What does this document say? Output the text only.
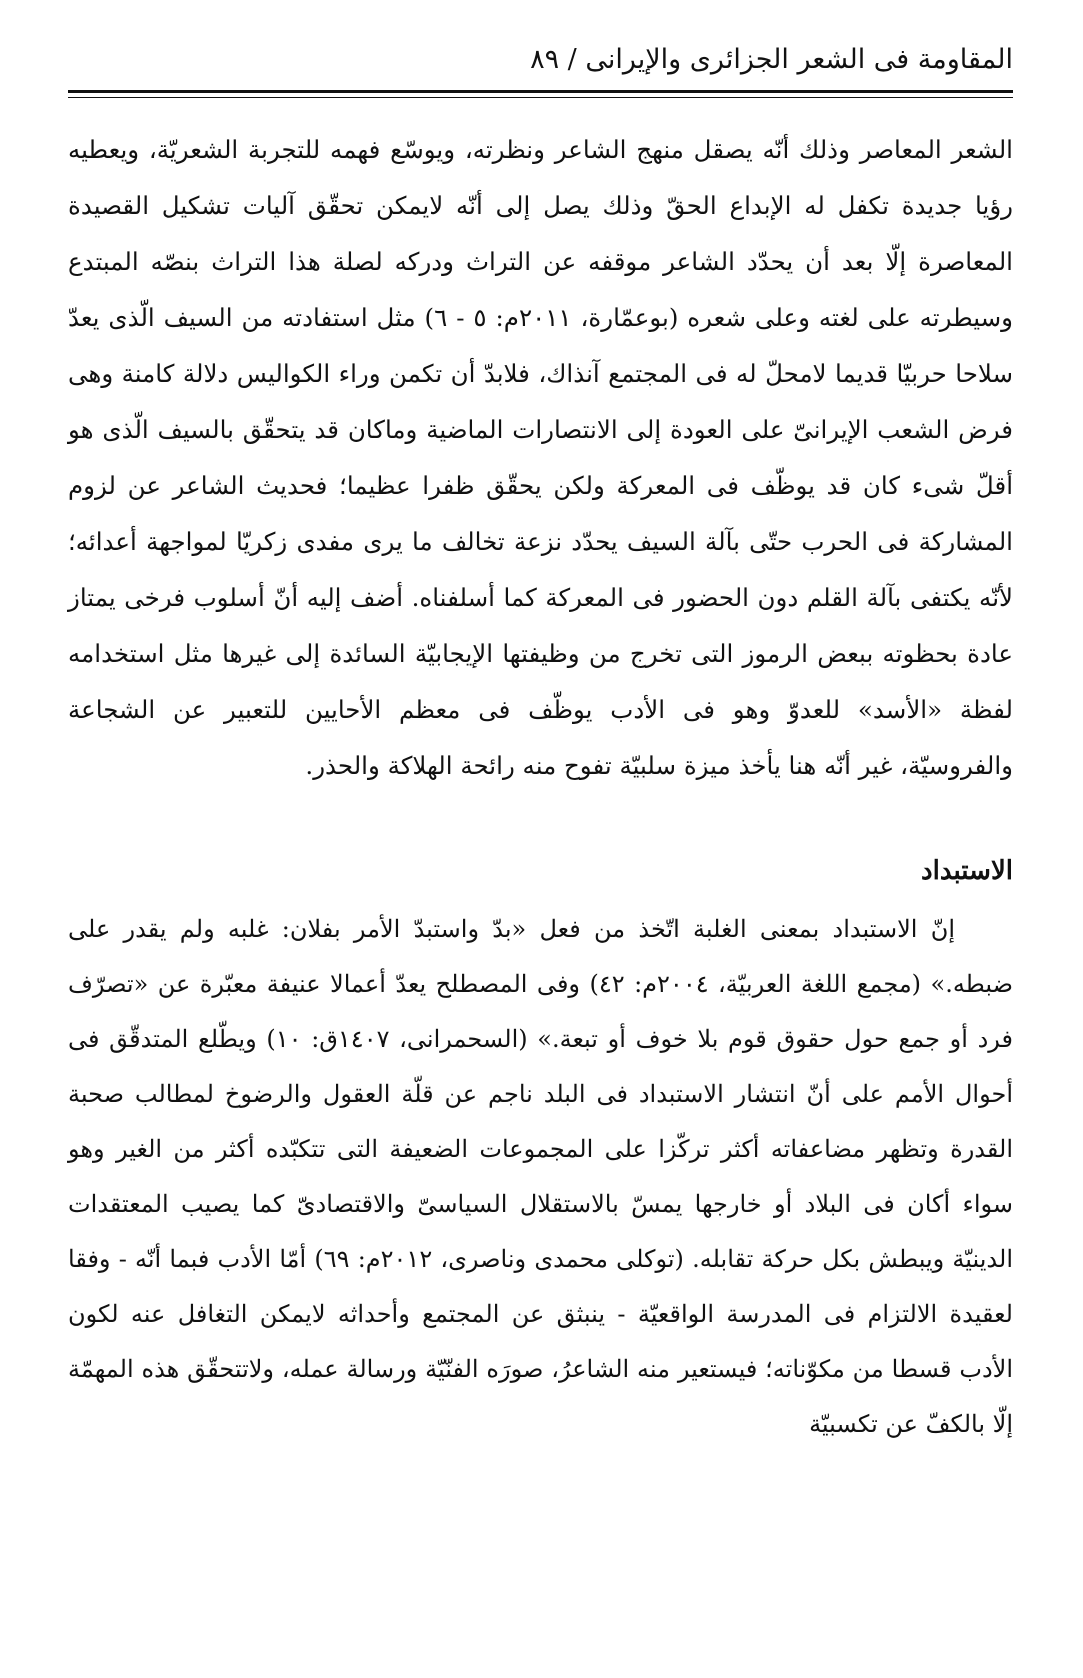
المقاومة فى الشعر الجزائرى والإيرانى / ٨٩

الشعر المعاصر وذلك أنّه يصقل منهج الشاعر ونظرته، ويوسّع فهمه للتجربة الشعريّة، ويعطيه رؤيا جديدة تكفل له الإبداع الحقّ وذلك يصل إلى أنّه لايمكن تحقّق آليات تشكيل القصيدة المعاصرة إلّا بعد أن يحدّد الشاعر موقفه عن التراث ودركه لصلة هذا التراث بنصّه المبتدع وسيطرته على لغته وعلى شعره (بوعمّارة، ٢٠١١م: ٥ - ٦) مثل استفادته من السيف الّذى يعدّ سلاحا حربيّا قديما لامحلّ له فى المجتمع آنذاك، فلابدّ أن تكمن وراء الكواليس دلالة كامنة وهى فرض الشعب الإيرانىّ على العودة إلى الانتصارات الماضية وماكان قد يتحقّق بالسيف الّذى هو أقلّ شىء كان قد يوظّف فى المعركة ولكن يحقّق ظفرا عظيما؛ فحديث الشاعر عن لزوم المشاركة فى الحرب حتّى بآلة السيف يحدّد نزعة تخالف ما يرى مفدى زكريّا لمواجهة أعدائه؛ لأنّه يكتفى بآلة القلم دون الحضور فى المعركة كما أسلفناه. أضف إليه أنّ أسلوب فرخى يمتاز عادة بحظوته ببعض الرموز التى تخرج من وظيفتها الإيجابيّة السائدة إلى غيرها مثل استخدامه لفظة «الأسد» للعدوّ وهو فى الأدب يوظّف فى معظم الأحايين للتعبير عن الشجاعة والفروسيّة، غير أنّه هنا يأخذ ميزة سلبيّة تفوح منه رائحة الهلاكة والحذر.

الاستبداد

إنّ الاستبداد بمعنى الغلبة اتّخذ من فعل «بدّ واستبدّ الأمر بفلان: غلبه ولم يقدر على ضبطه.» (مجمع اللغة العربيّة، ٢٠٠٤م: ٤٢) وفى المصطلح يعدّ أعمالا عنيفة معبّرة عن «تصرّف فرد أو جمع حول حقوق قوم بلا خوف أو تبعة.» (السحمرانى، ١٤٠٧ق: ١٠) ويطّلع المتدقّق فى أحوال الأمم على أنّ انتشار الاستبداد فى البلد ناجم عن قلّة العقول والرضوخ لمطالب صحبة القدرة وتظهر مضاعفاته أكثر تركّزا على المجموعات الضعيفة التى تتكبّده أكثر من الغير وهو سواء أكان فى البلاد أو خارجها يمسّ بالاستقلال السياسىّ والاقتصادىّ كما يصيب المعتقدات الدينيّة ويبطش بكل حركة تقابله. (توكلى محمدى وناصرى، ٢٠١٢م: ٦٩) أمّا الأدب فبما أنّه - وفقا لعقيدة الالتزام فى المدرسة الواقعيّة - ينبثق عن المجتمع وأحداثه لايمكن التغافل عنه لكون الأدب قسطا من مكوّناته؛ فيستعير منه الشاعرُ، صورَه الفنّيّة ورسالة عمله، ولاتتحقّق هذه المهمّة إلّا بالكفّ عن تكسبيّة
